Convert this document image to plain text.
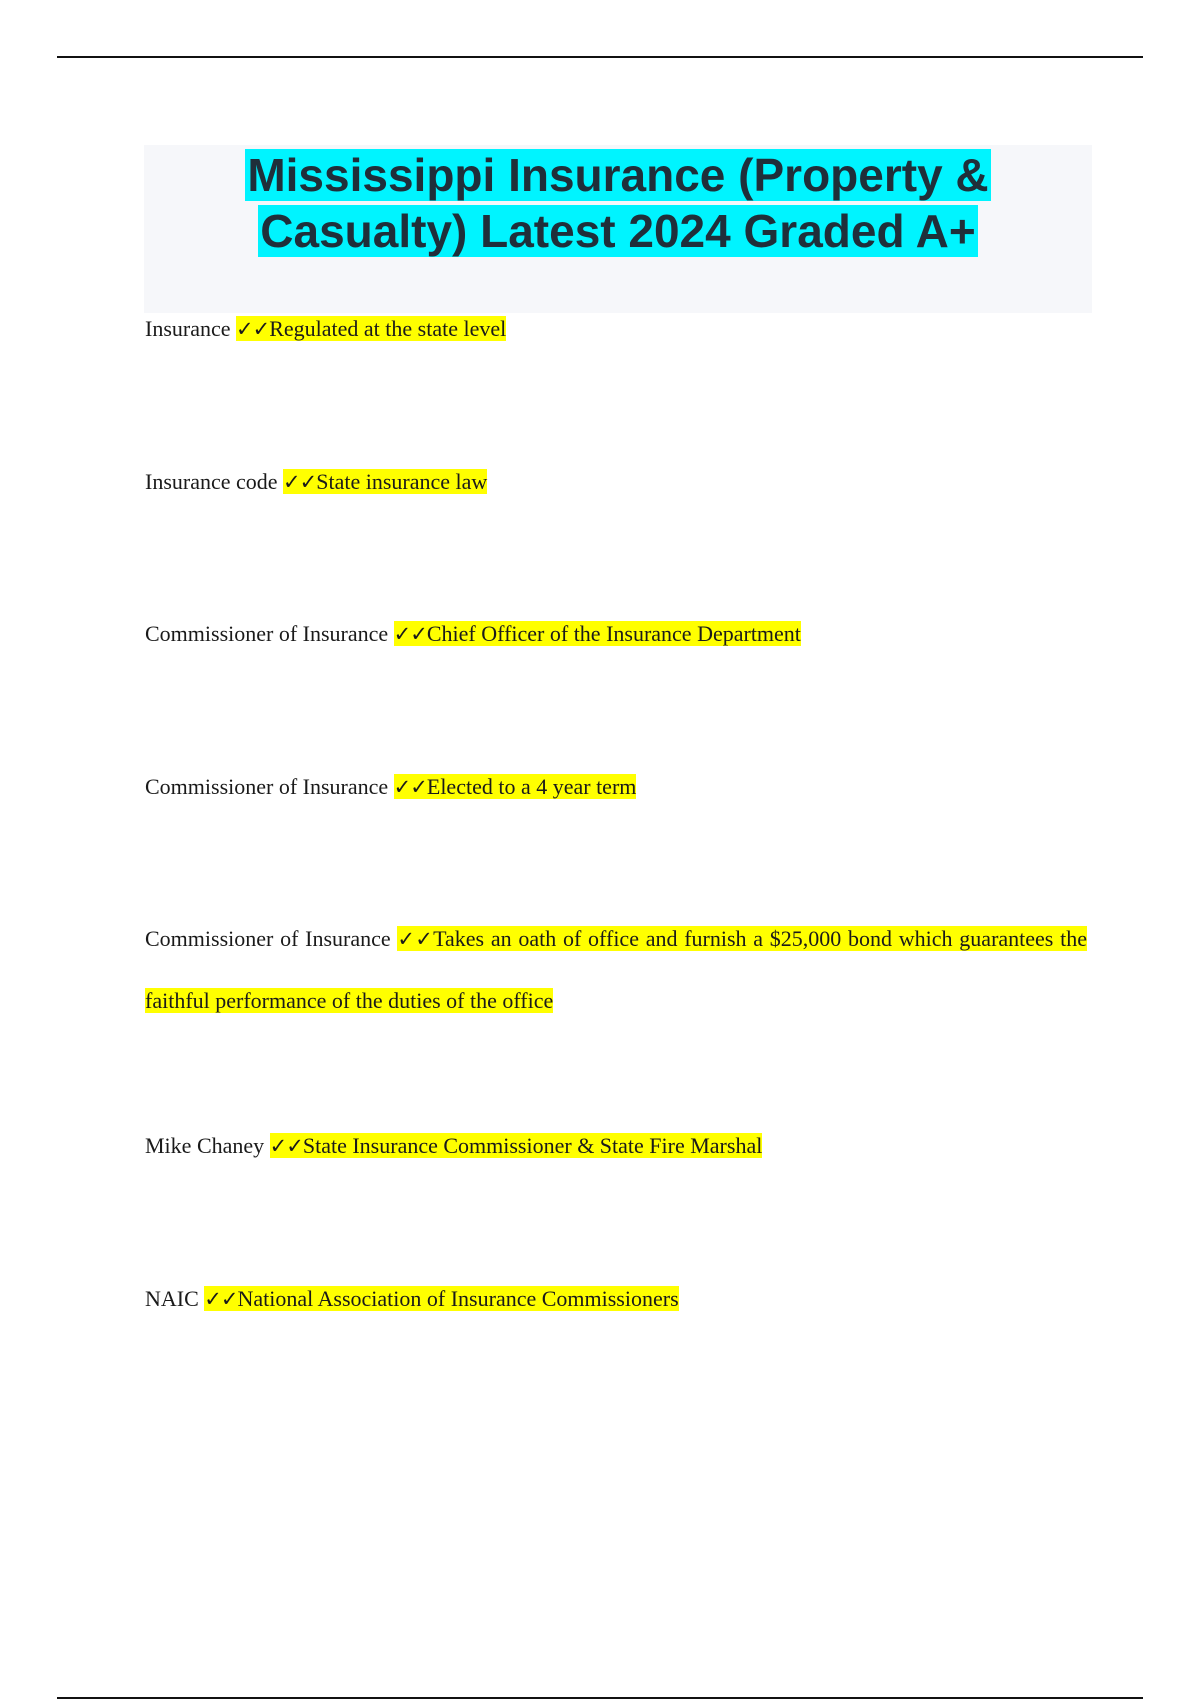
Mississippi Insurance (Property &
Casualty) Latest 2024 Graded A+

Insurance ✓✓Regulated at the state level

Insurance code ✓✓State insurance law

Commissioner of Insurance ✓✓Chief Officer of the Insurance Department

Commissioner of Insurance ✓✓Elected to a 4 year term

Commissioner of Insurance ✓✓Takes an oath of office and furnish a $25,000 bond which guarantees the faithful performance of the duties of the office

Mike Chaney ✓✓State Insurance Commissioner & State Fire Marshal

NAIC ✓✓National Association of Insurance Commissioners
